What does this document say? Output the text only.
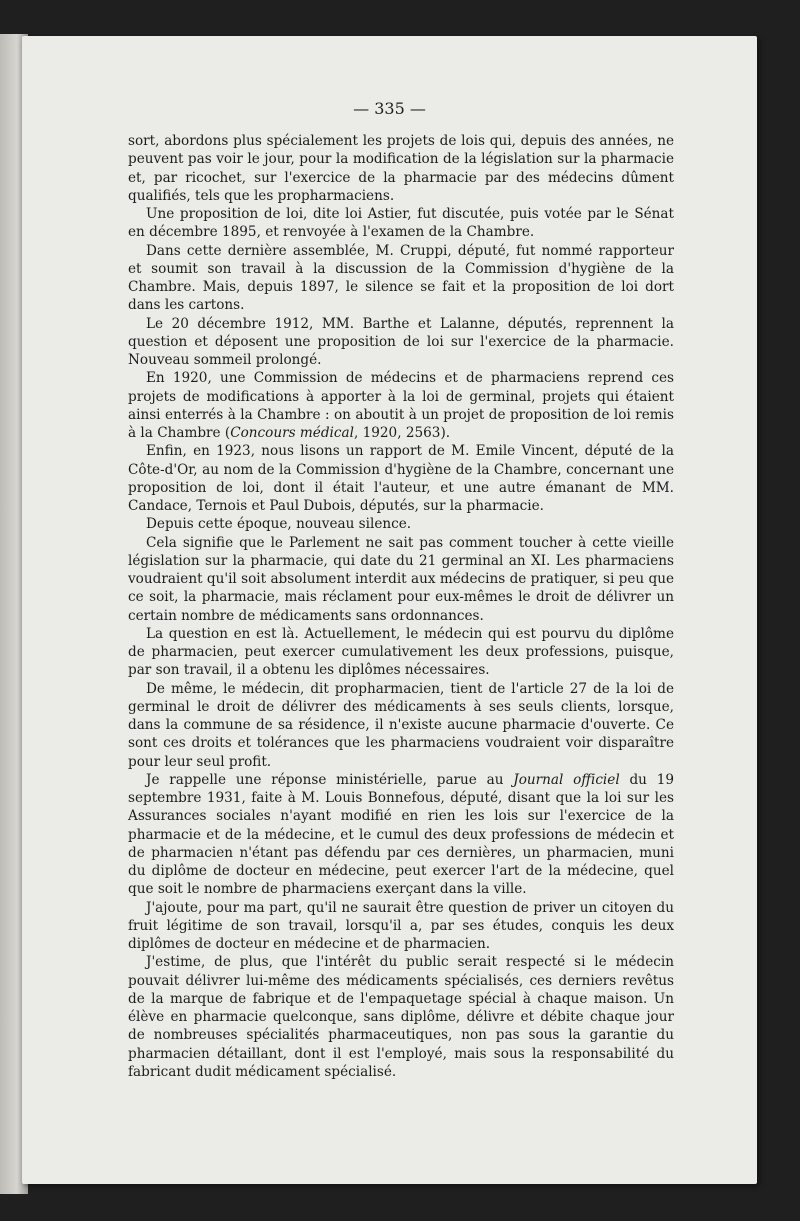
— 335 —

sort, abordons plus spécialement les projets de lois qui, depuis des années, ne peuvent pas voir le jour, pour la modification de la législation sur la pharmacie et, par ricochet, sur l'exercice de la pharmacie par des médecins dûment qualifiés, tels que les propharmaciens.

Une proposition de loi, dite loi Astier, fut discutée, puis votée par le Sénat en décembre 1895, et renvoyée à l'examen de la Chambre.

Dans cette dernière assemblée, M. Cruppi, député, fut nommé rapporteur et soumit son travail à la discussion de la Commission d'hygiène de la Chambre. Mais, depuis 1897, le silence se fait et la proposition de loi dort dans les cartons.

Le 20 décembre 1912, MM. Barthe et Lalanne, députés, reprennent la question et déposent une proposition de loi sur l'exercice de la pharmacie. Nouveau sommeil prolongé.

En 1920, une Commission de médecins et de pharmaciens reprend ces projets de modifications à apporter à la loi de germinal, projets qui étaient ainsi enterrés à la Chambre : on aboutit à un projet de proposition de loi remis à la Chambre (Concours médical, 1920, 2563).

Enfin, en 1923, nous lisons un rapport de M. Emile Vincent, député de la Côte-d'Or, au nom de la Commission d'hygiène de la Chambre, concernant une proposition de loi, dont il était l'auteur, et une autre émanant de MM. Candace, Ternois et Paul Dubois, députés, sur la pharmacie.

Depuis cette époque, nouveau silence.

Cela signifie que le Parlement ne sait pas comment toucher à cette vieille législation sur la pharmacie, qui date du 21 germinal an XI. Les pharmaciens voudraient qu'il soit absolument interdit aux médecins de pratiquer, si peu que ce soit, la pharmacie, mais réclament pour eux-mêmes le droit de délivrer un certain nombre de médicaments sans ordonnances.

La question en est là. Actuellement, le médecin qui est pourvu du diplôme de pharmacien, peut exercer cumulativement les deux professions, puisque, par son travail, il a obtenu les diplômes nécessaires.

De même, le médecin, dit propharmacien, tient de l'article 27 de la loi de germinal le droit de délivrer des médicaments à ses seuls clients, lorsque, dans la commune de sa résidence, il n'existe aucune pharmacie d'ouverte. Ce sont ces droits et tolérances que les pharmaciens voudraient voir disparaître pour leur seul profit.

Je rappelle une réponse ministérielle, parue au Journal officiel du 19 septembre 1931, faite à M. Louis Bonnefous, député, disant que la loi sur les Assurances sociales n'ayant modifié en rien les lois sur l'exercice de la pharmacie et de la médecine, et le cumul des deux professions de médecin et de pharmacien n'étant pas défendu par ces dernières, un pharmacien, muni du diplôme de docteur en médecine, peut exercer l'art de la médecine, quel que soit le nombre de pharmaciens exerçant dans la ville.

J'ajoute, pour ma part, qu'il ne saurait être question de priver un citoyen du fruit légitime de son travail, lorsqu'il a, par ses études, conquis les deux diplômes de docteur en médecine et de pharmacien.

J'estime, de plus, que l'intérêt du public serait respecté si le médecin pouvait délivrer lui-même des médicaments spécialisés, ces derniers revêtus de la marque de fabrique et de l'empaquetage spécial à chaque maison. Un élève en pharmacie quelconque, sans diplôme, délivre et débite chaque jour de nombreuses spécialités pharmaceutiques, non pas sous la garantie du pharmacien détaillant, dont il est l'employé, mais sous la responsabilité du fabricant dudit médicament spécialisé.
